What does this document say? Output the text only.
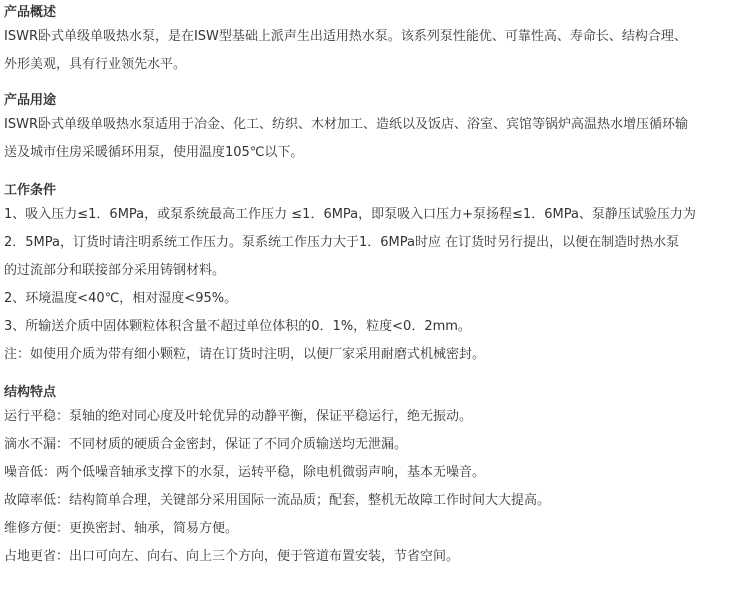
产品概述

ISWR卧式单级单吸热水泵，是在ISW型基础上派声生出适用热水泵。该系列泵性能优、可靠性高、寿命长、结构合理、

外形美观，具有行业领先水平。

产品用途

ISWR卧式单级单吸热水泵适用于冶金、化工、纺织、木材加工、造纸以及饭店、浴室、宾馆等锅炉高温热水增压循环输

送及城市住房采暖循环用泵，使用温度105℃以下。

工作条件

1、吸入压力≤1．6MPa，或泵系统最高工作压力 ≤1．6MPa，即泵吸入口压力+泵扬程≤1．6MPa、泵静压试验压力为

2．5MPa，订货时请注明系统工作压力。泵系统工作压力大于1．6MPa时应 在订货时另行提出，以便在制造时热水泵

的过流部分和联接部分采用铸钢材料。

2、环境温度<40℃，相对湿度<95%。

3、所输送介质中固体颗粒体积含量不超过单位体积的0．1%，粒度<0．2mm。

注：如使用介质为带有细小颗粒，请在订货时注明，以便厂家采用耐磨式机械密封。

结构特点

运行平稳：泵轴的绝对同心度及叶轮优异的动静平衡，保证平稳运行，绝无振动。

滴水不漏：不同材质的硬质合金密封，保证了不同介质输送均无泄漏。

噪音低：两个低噪音轴承支撑下的水泵，运转平稳，除电机微弱声响，基本无噪音。

故障率低：结构简单合理，关键部分采用国际一流品质；配套，整机无故障工作时间大大提高。

维修方便：更换密封、轴承，简易方便。

占地更省：出口可向左、向右、向上三个方向，便于管道布置安装，节省空间。
